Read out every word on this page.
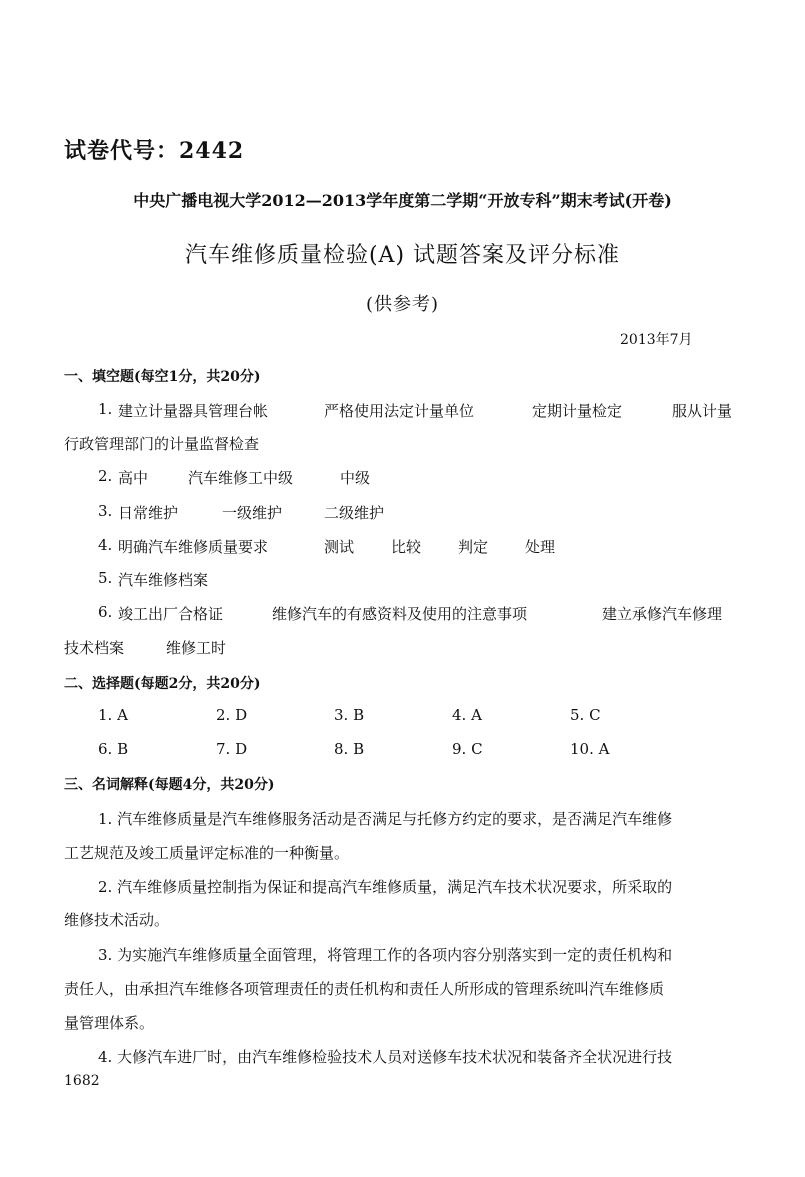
试卷代号：2442
中央广播电视大学2012—2013学年度第二学期“开放专科”期末考试(开卷)
汽车维修质量检验(A) 试题答案及评分标准
(供参考)
2013年7月
一、填空题(每空1分，共20分)
1. 建立计量器具管理台帐	严格使用法定计量单位	定期计量检定	服从计量
行政管理部门的计量监督检查
2. 高中	汽车维修工中级	中级
3. 日常维护	一级维护	二级维护
4. 明确汽车维修质量要求	测试 比较 判定 处理
5. 汽车维修档案
6. 竣工出厂合格证	维修汽车的有感资料及使用的注意事项	建立承修汽车修理
技术档案	维修工时
二、选择题(每题2分，共20分)
1. A	2. D	3. B	4. A	5. C
6. B	7. D	8. B	9. C	10. A
三、名词解释(每题4分，共20分)
1. 汽车维修质量是汽车维修服务活动是否满足与托修方约定的要求，是否满足汽车维修
工艺规范及竣工质量评定标准的一种衡量。
2. 汽车维修质量控制指为保证和提高汽车维修质量，满足汽车技术状况要求，所采取的
维修技术活动。
3. 为实施汽车维修质量全面管理，将管理工作的各项内容分别落实到一定的责任机构和
责任人，由承担汽车维修各项管理责任的责任机构和责任人所形成的管理系统叫汽车维修质
量管理体系。
4. 大修汽车进厂时，由汽车维修检验技术人员对送修车技术状况和装备齐全状况进行技
1682
